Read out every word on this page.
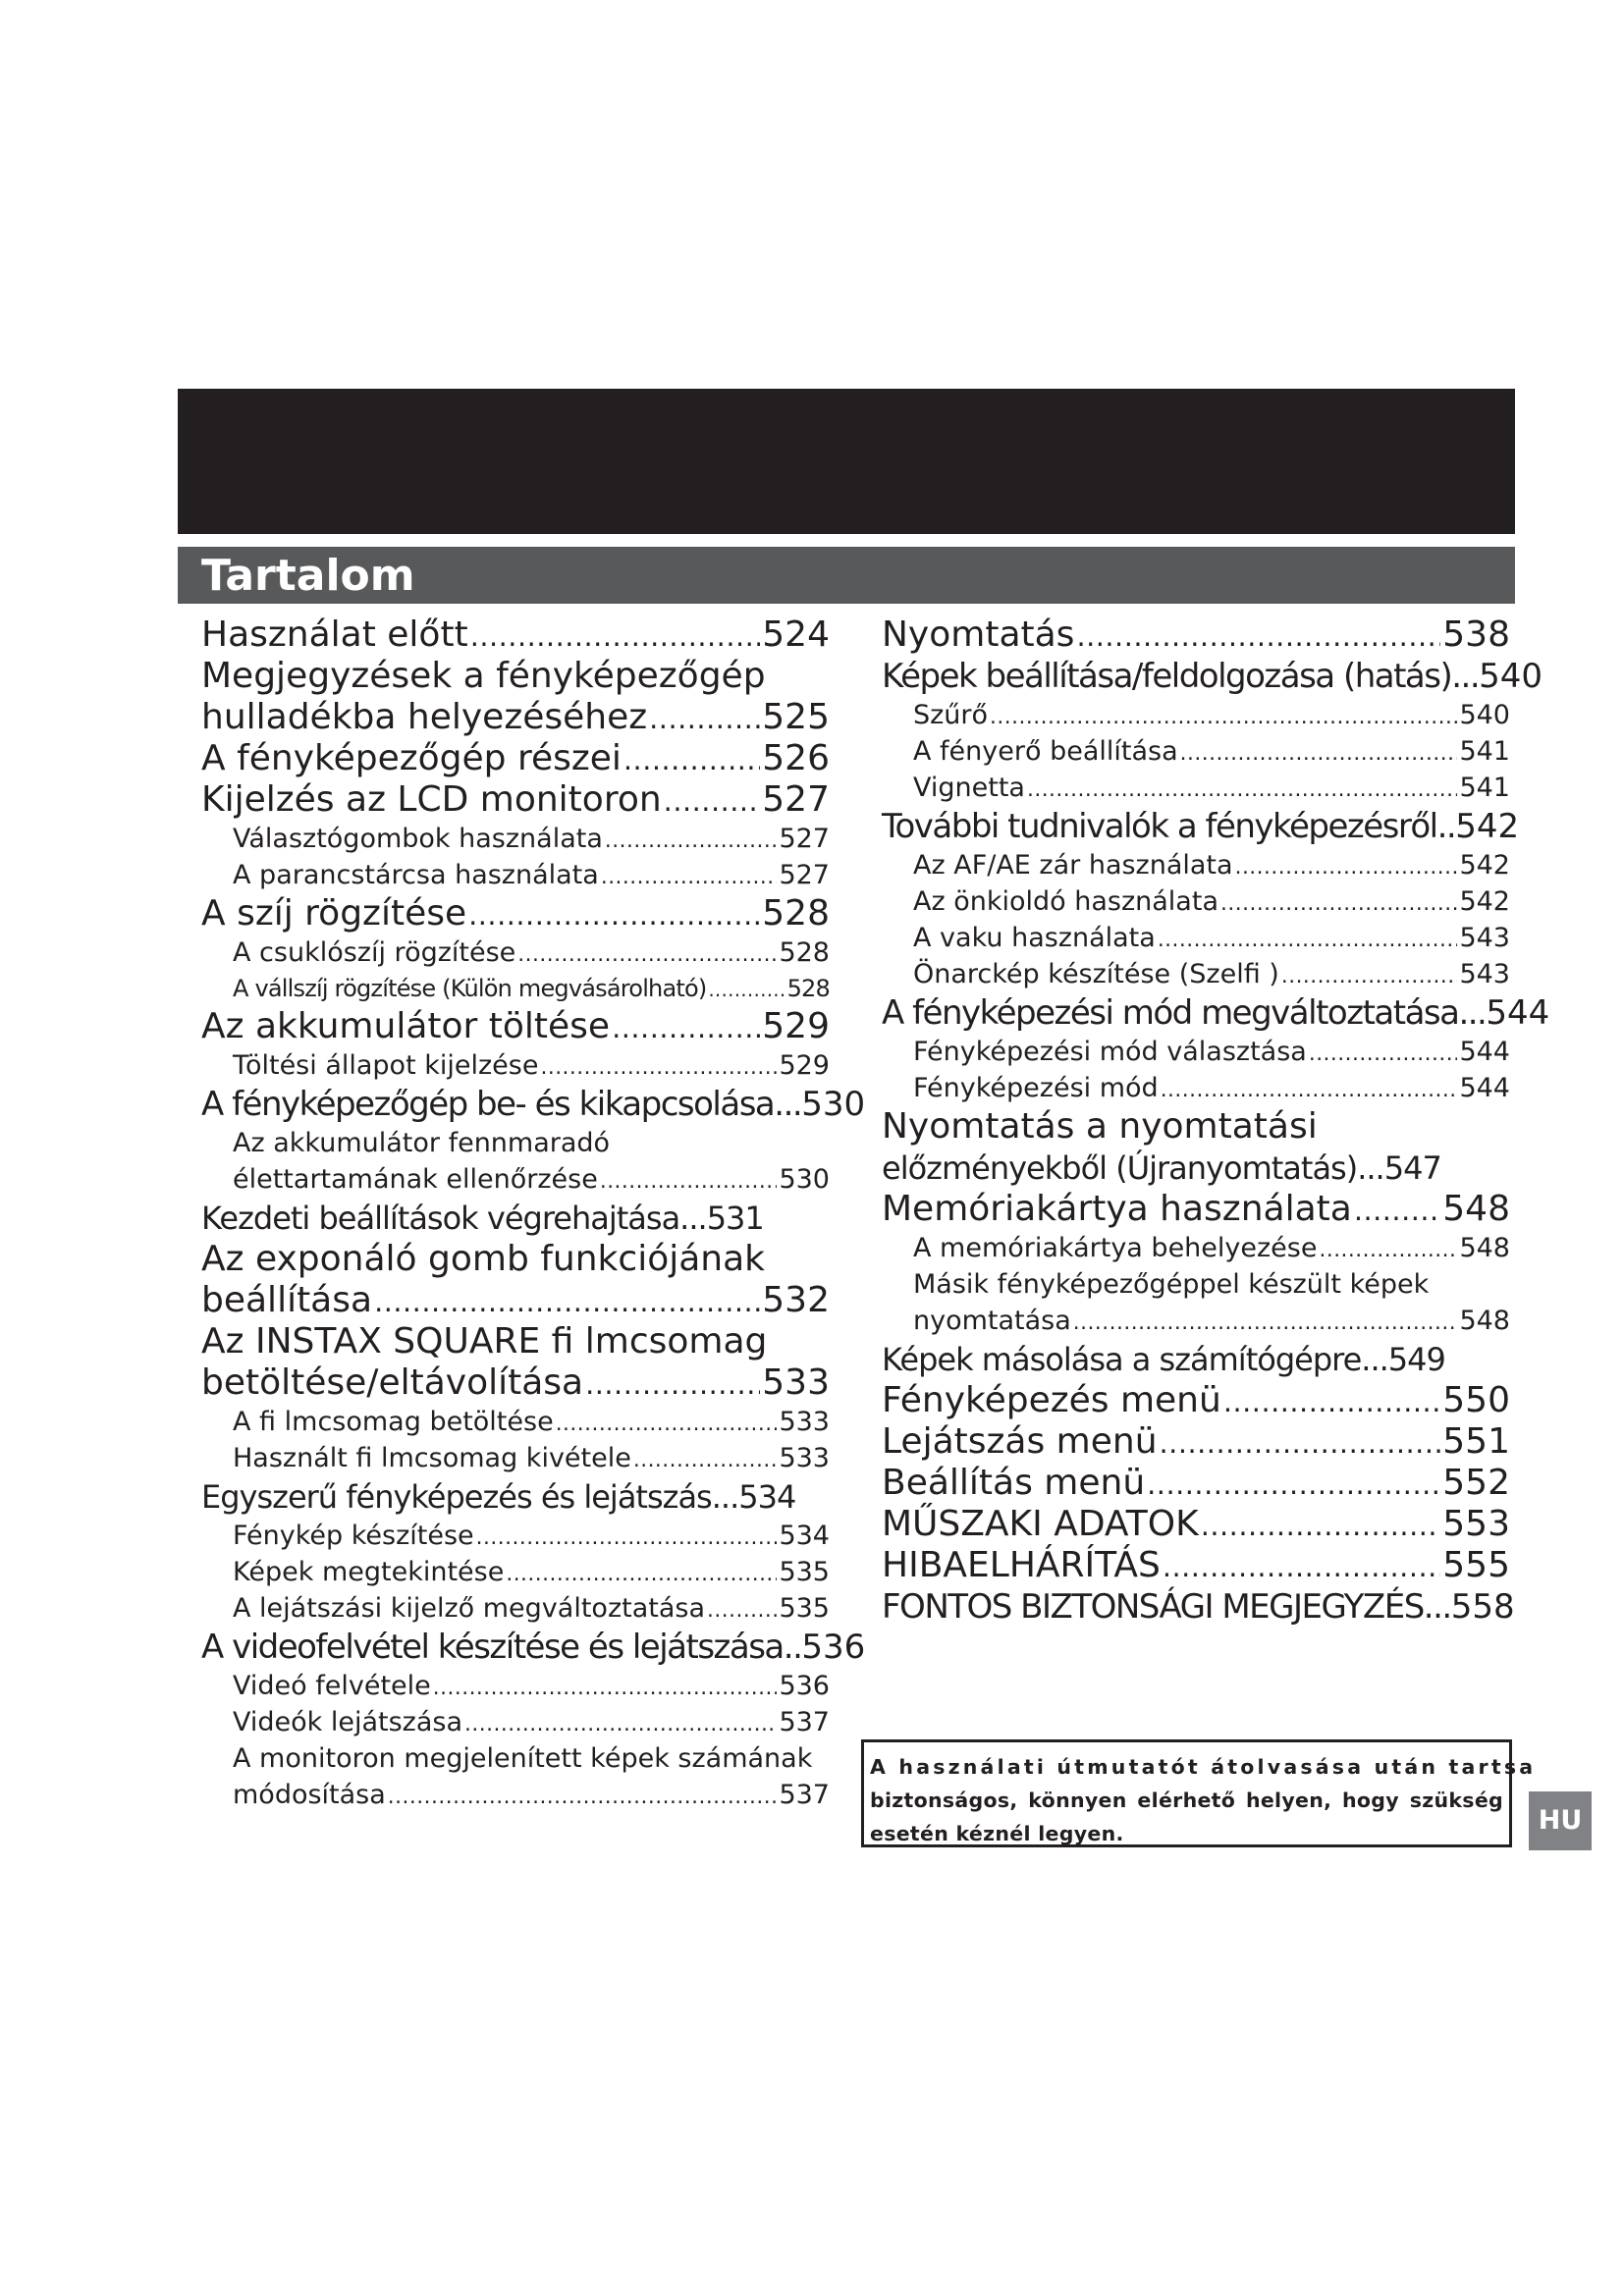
Tartalom
Használat előtt .....	524
Megjegyzések a fényképezőgép
hulladékba helyezéséhez .....	525
A fényképezőgép részei .....	526
Kijelzés az LCD monitoron .....	527
Választógombok használata .....	527
A parancstárcsa használata .....	527
A szíj rögzítése .....	528
A csuklószíj rögzítése .....	528
A vállszíj rögzítése (Külön megvásárolható) .....	528
Az akkumulátor töltése .....	529
Töltési állapot kijelzése .....	529
A fényképezőgép be- és kikapcsolása... 530
Az akkumulátor fennmaradó
élettartamának ellenőrzése .....	530
Kezdeti beállítások végrehajtása... 531
Az exponáló gomb funkciójának
beállítása .....	532
Az INSTAX SQUARE fi lmcsomag
betöltése/eltávolítása .....	533
A fi lmcsomag betöltése .....	533
Használt fi lmcsomag kivétele .....	533
Egyszerű fényképezés és lejátszás... 534
Fénykép készítése .....	534
Képek megtekintése .....	535
A lejátszási kijelző megváltoztatása .....	535
A videofelvétel készítése és lejátszása.. 536
Videó felvétele .....	536
Videók lejátszása .....	537
A monitoron megjelenített képek számának
módosítása .....	537
Nyomtatás .....	538
Képek beállítása/feldolgozása (hatás)... 540
Szűrő .....	540
A fényerő beállítása .....	541
Vignetta .....	541
További tudnivalók a fényképezésről.. 542
Az AF/AE zár használata .....	542
Az önkioldó használata .....	542
A vaku használata .....	543
Önarckép készítése (Szelfi ) .....	543
A fényképezési mód megváltoztatása... 544
Fényképezési mód választása .....	544
Fényképezési mód .....	544
Nyomtatás a nyomtatási
előzményekből (Újranyomtatás)... 547
Memóriakártya használata .....	548
A memóriakártya behelyezése .....	548
Másik fényképezőgéppel készült képek
nyomtatása .....	548
Képek másolása a számítógépre... 549
Fényképezés menü .....	550
Lejátszás menü .....	551
Beállítás menü .....	552
MŰSZAKI ADATOK .....	553
HIBAELHÁRÍTÁS .....	555
FONTOS BIZTONSÁGI MEGJEGYZÉS... 558
A használati útmutatót átolvasása után tartsa
biztonságos, könnyen elérhető helyen, hogy szükség esetén kéznél legyen.	HU
